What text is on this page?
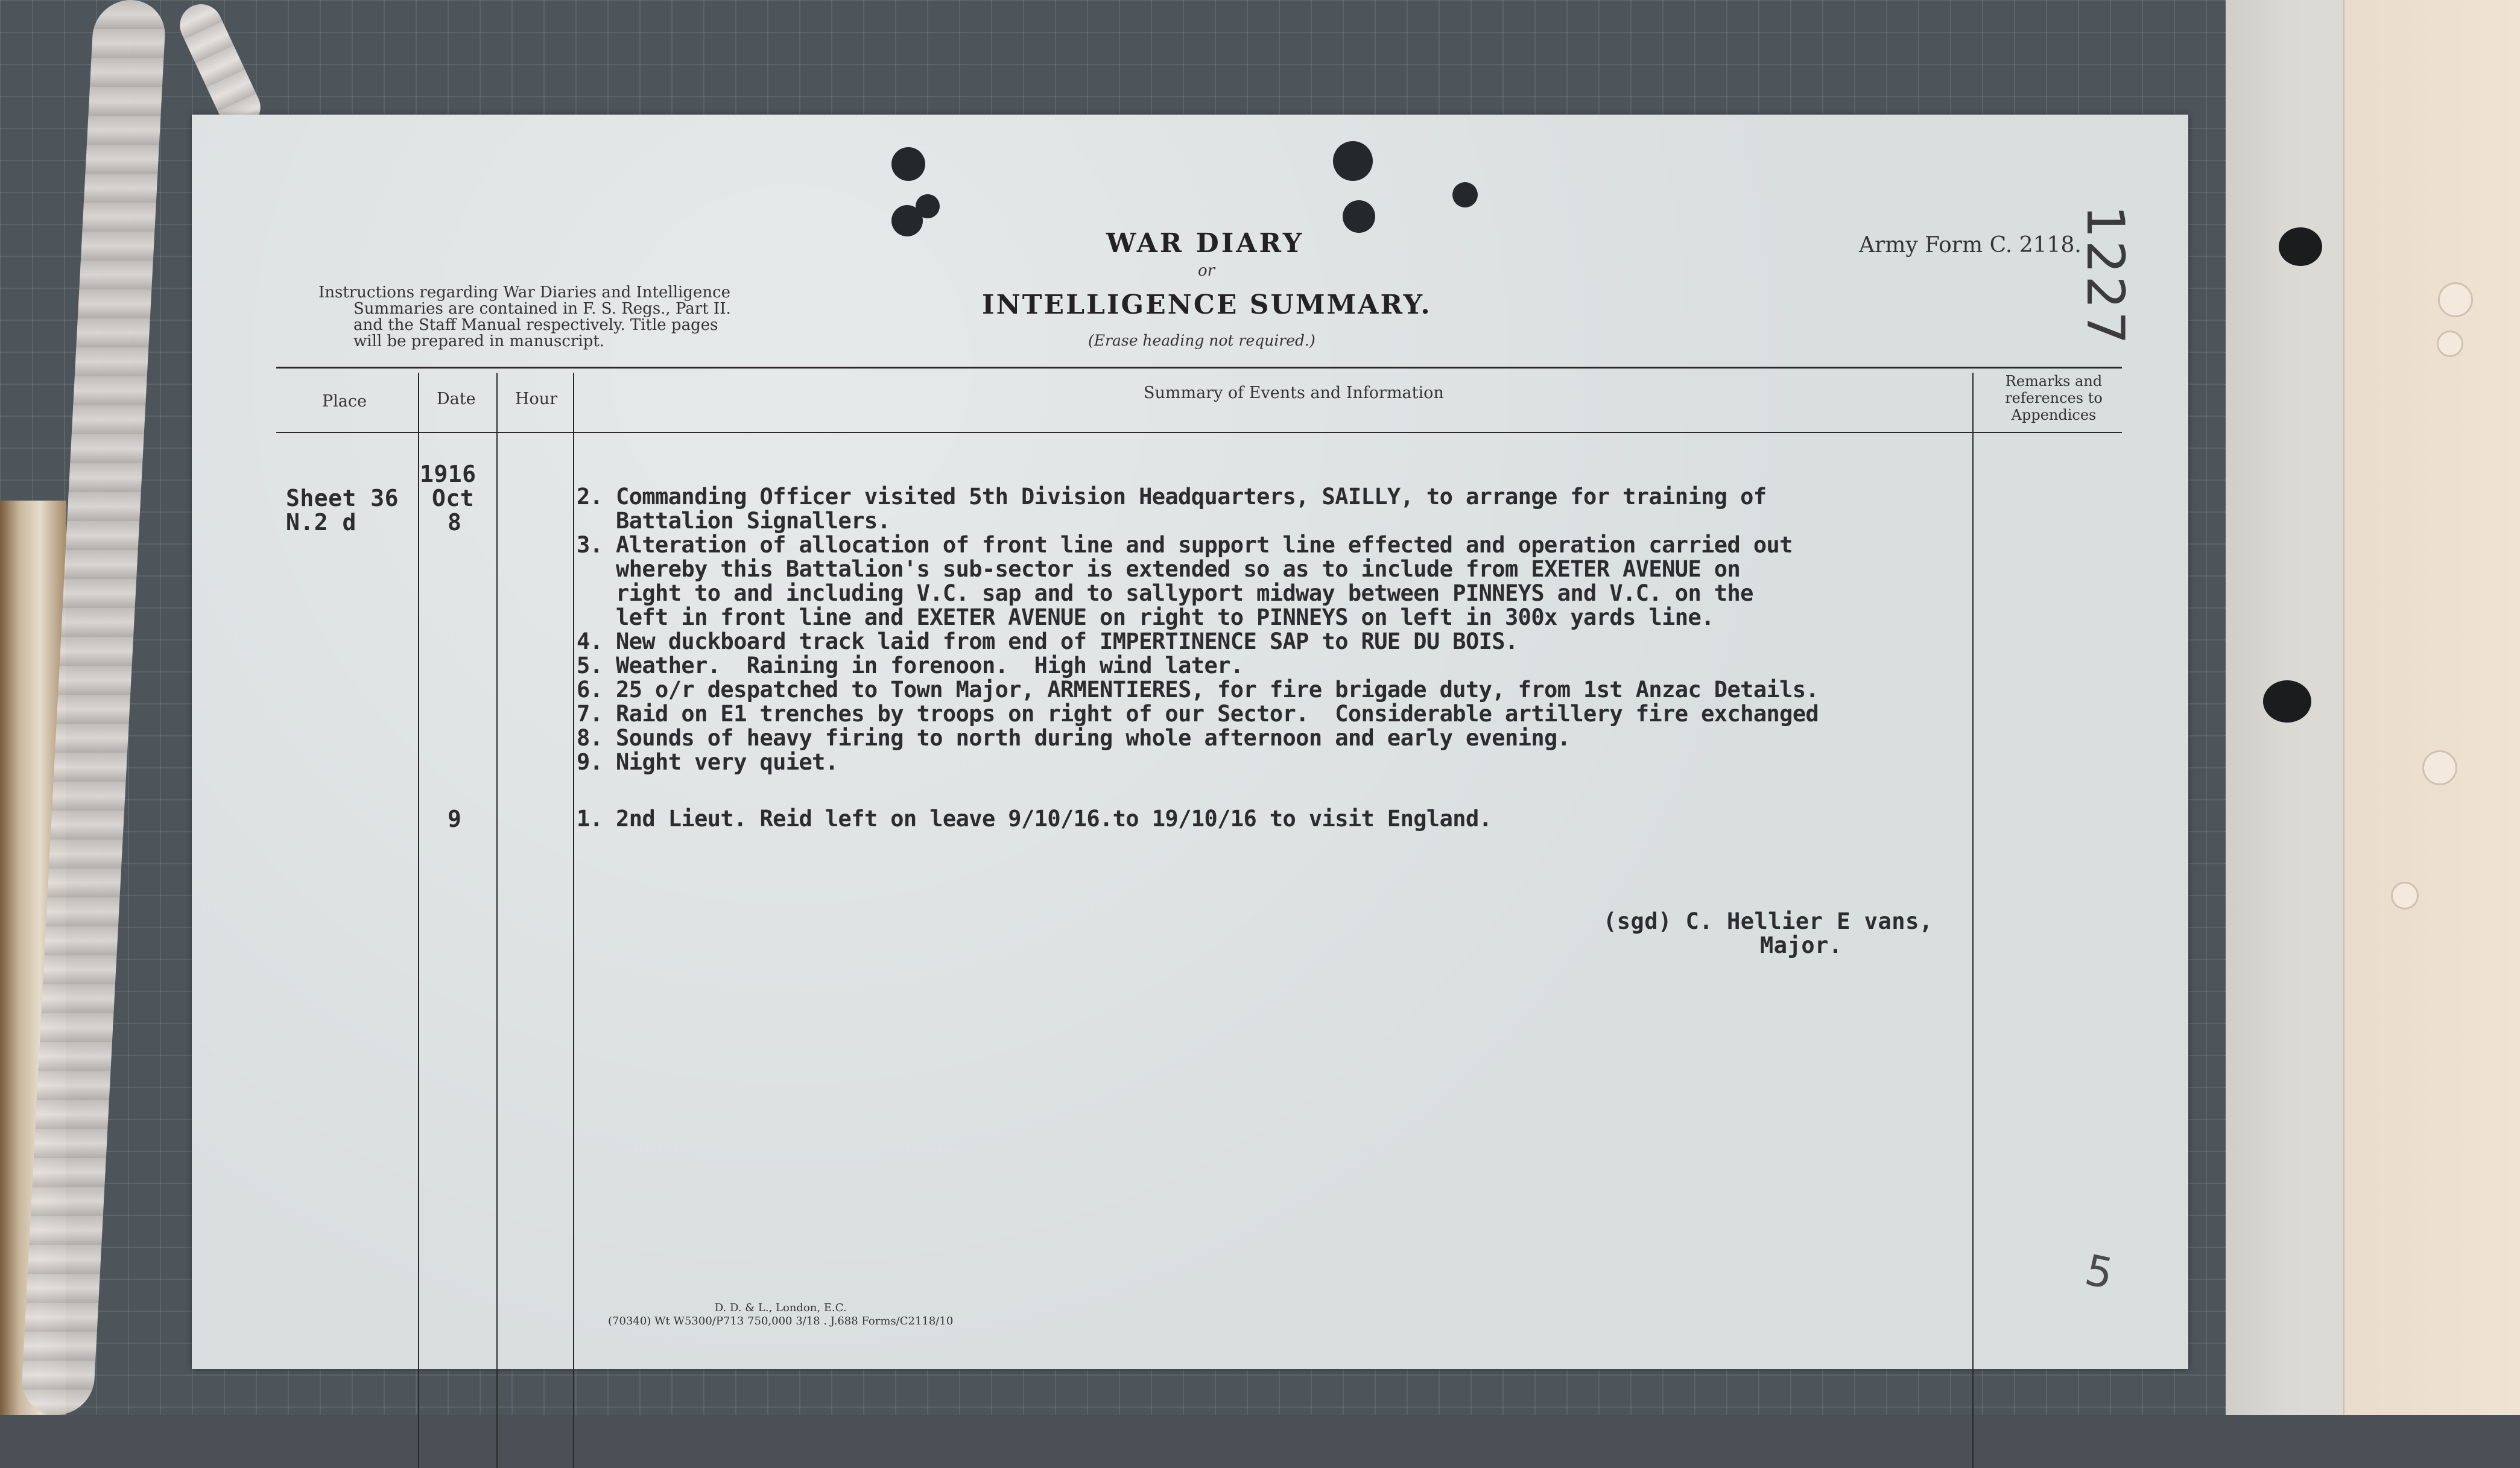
Instructions regarding War Diaries and Intelligence
Summaries are contained in F. S. Regs., Part II.
and the Staff Manual respectively. Title pages
will be prepared in manuscript.
WAR DIARY
or
INTELLIGENCE SUMMARY.
(Erase heading not required.)
Army Form C. 2118.
1227
Place	Date Hour	Summary of Events and Information
Remarks and
references to
Appendices
Sheet 36
N.2 d
1916
Oct
8
9
2. Commanding Officer visited 5th Division Headquarters, SAILLY, to arrange for training of
Battalion Signallers.
3. Alteration of allocation of front line and support line effected and operation carried out
whereby this Battalion's sub-sector is extended so as to include from EXETER AVENUE on
right to and including V.C. sap and to sallyport midway between PINNEYS and V.C. on the
left in front line and EXETER AVENUE on right to PINNEYS on left in 300x yards line.
4. New duckboard track laid from end of IMPERTINENCE SAP to RUE DU BOIS.
5. Weather.  Raining in forenoon.  High wind later.
6. 25 o/r despatched to Town Major, ARMENTIERES, for fire brigade duty, from 1st Anzac Details.
7. Raid on E1 trenches by troops on right of our Sector.  Considerable artillery fire exchanged
8. Sounds of heavy firing to north during whole afternoon and early evening.
9. Night very quiet.
1. 2nd Lieut. Reid left on leave 9/10/16.to 19/10/16 to visit England.
(sgd) C. Hellier E vans,
Major.
D. D. & L., London, E.C.
(70340) Wt W5300/P713 750,000 3/18 . J.688 Forms/C2118/10
5
